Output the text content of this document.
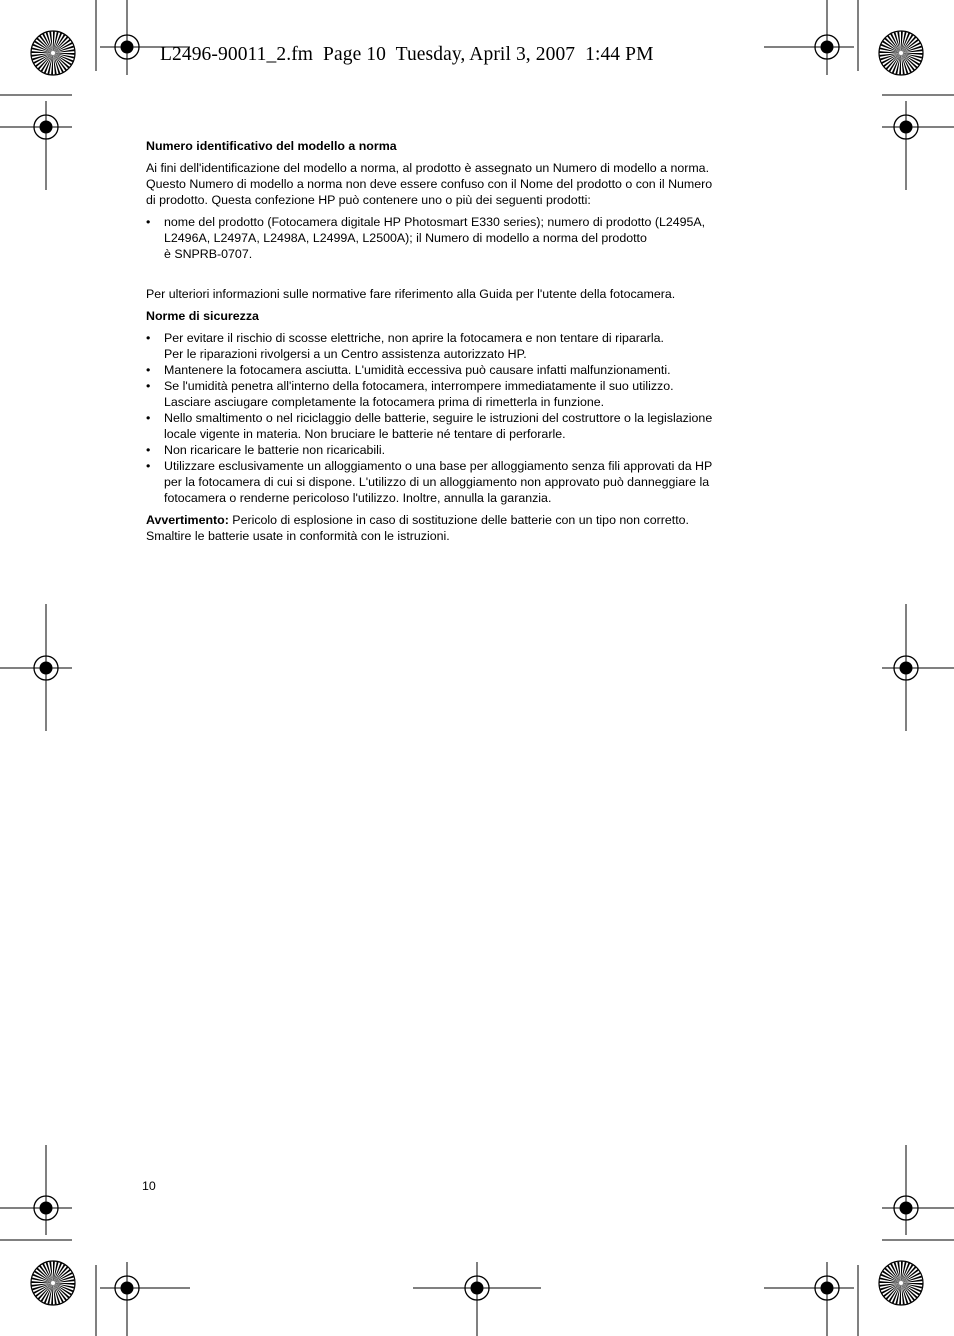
L2496-90011_2.fm Page 10 Tuesday, April 3, 2007  1:44 PM
Numero identificativo del modello a norma
Ai fini dell'identificazione del modello a norma, al prodotto è assegnato un Numero di modello a norma.
Questo Numero di modello a norma non deve essere confuso con il Nome del prodotto o con il Numero
di prodotto. Questa confezione HP può contenere uno o più dei seguenti prodotti:
• nome del prodotto (Fotocamera digitale HP Photosmart E330 series); numero di prodotto (L2495A,
L2496A, L2497A, L2498A, L2499A, L2500A); il Numero di modello a norma del prodotto
è SNPRB-0707.
Per ulteriori informazioni sulle normative fare riferimento alla Guida per l'utente della fotocamera.
Norme di sicurezza
• Per evitare il rischio di scosse elettriche, non aprire la fotocamera e non tentare di ripararla.
Per le riparazioni rivolgersi a un Centro assistenza autorizzato HP.
• Mantenere la fotocamera asciutta. L'umidità eccessiva può causare infatti malfunzionamenti.
• Se l'umidità penetra all'interno della fotocamera, interrompere immediatamente il suo utilizzo.
Lasciare asciugare completamente la fotocamera prima di rimetterla in funzione.
• Nello smaltimento o nel riciclaggio delle batterie, seguire le istruzioni del costruttore o la legislazione
locale vigente in materia. Non bruciare le batterie né tentare di perforarle.
• Non ricaricare le batterie non ricaricabili.
• Utilizzare esclusivamente un alloggiamento o una base per alloggiamento senza fili approvati da HP
per la fotocamera di cui si dispone. L'utilizzo di un alloggiamento non approvato può danneggiare la
fotocamera o renderne pericoloso l'utilizzo. Inoltre, annulla la garanzia.
Avvertimento: Pericolo di esplosione in caso di sostituzione delle batterie con un tipo non corretto.
Smaltire le batterie usate in conformità con le istruzioni.
10
